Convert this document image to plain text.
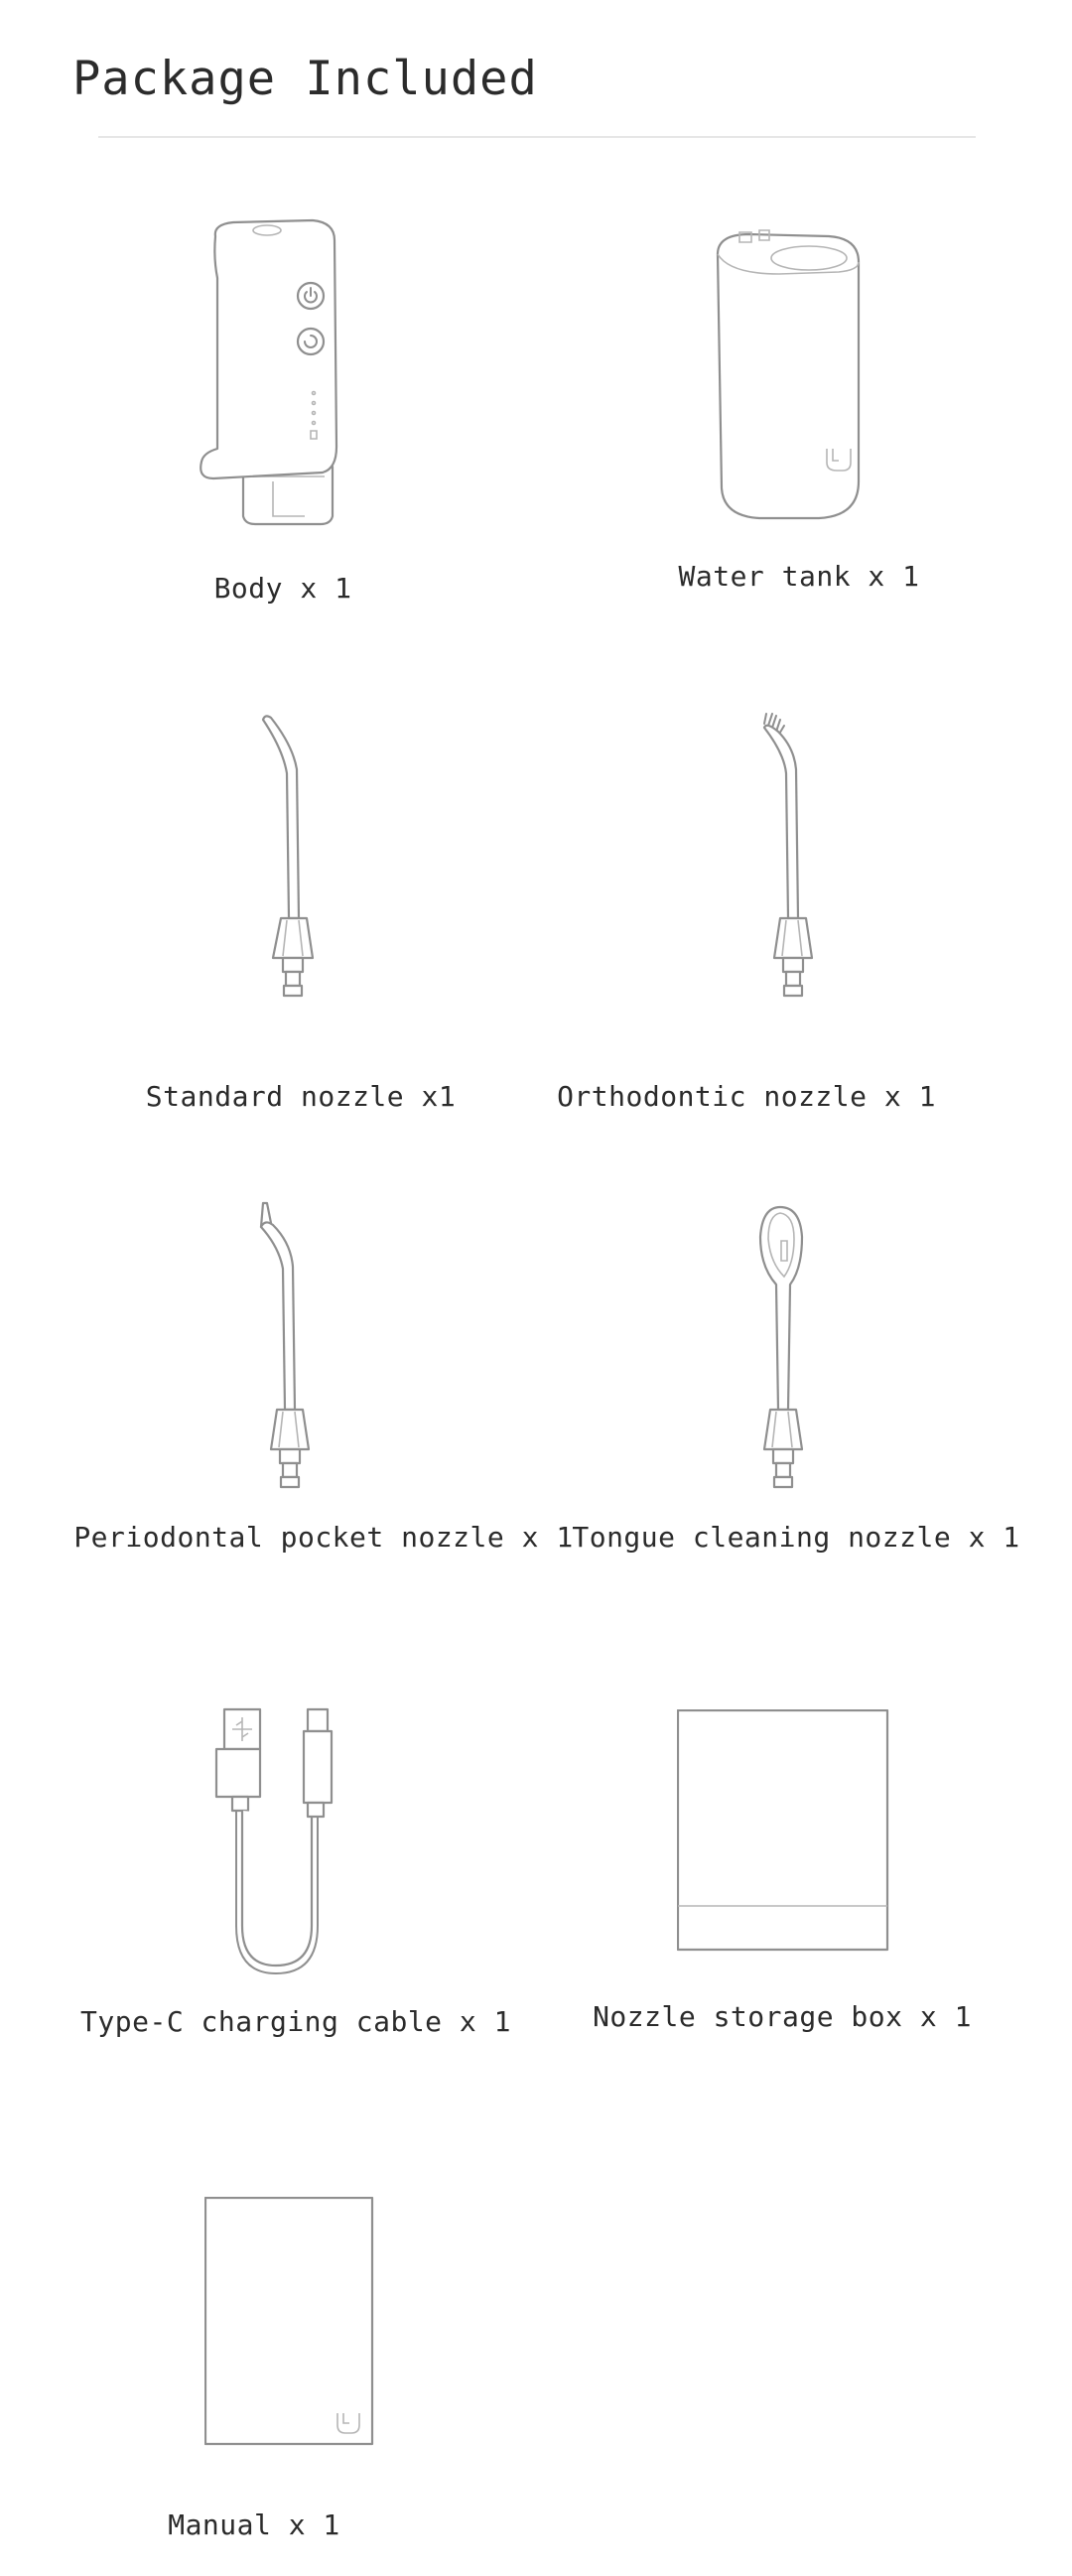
Package Included
Body x 1	Water tank x 1
Standard nozzle x1	Orthodontic nozzle x 1
Periodontal pocket nozzle x 1
Tongue cleaning nozzle x 1
Type-C charging cable x 1	Nozzle storage box x 1
Manual x 1
